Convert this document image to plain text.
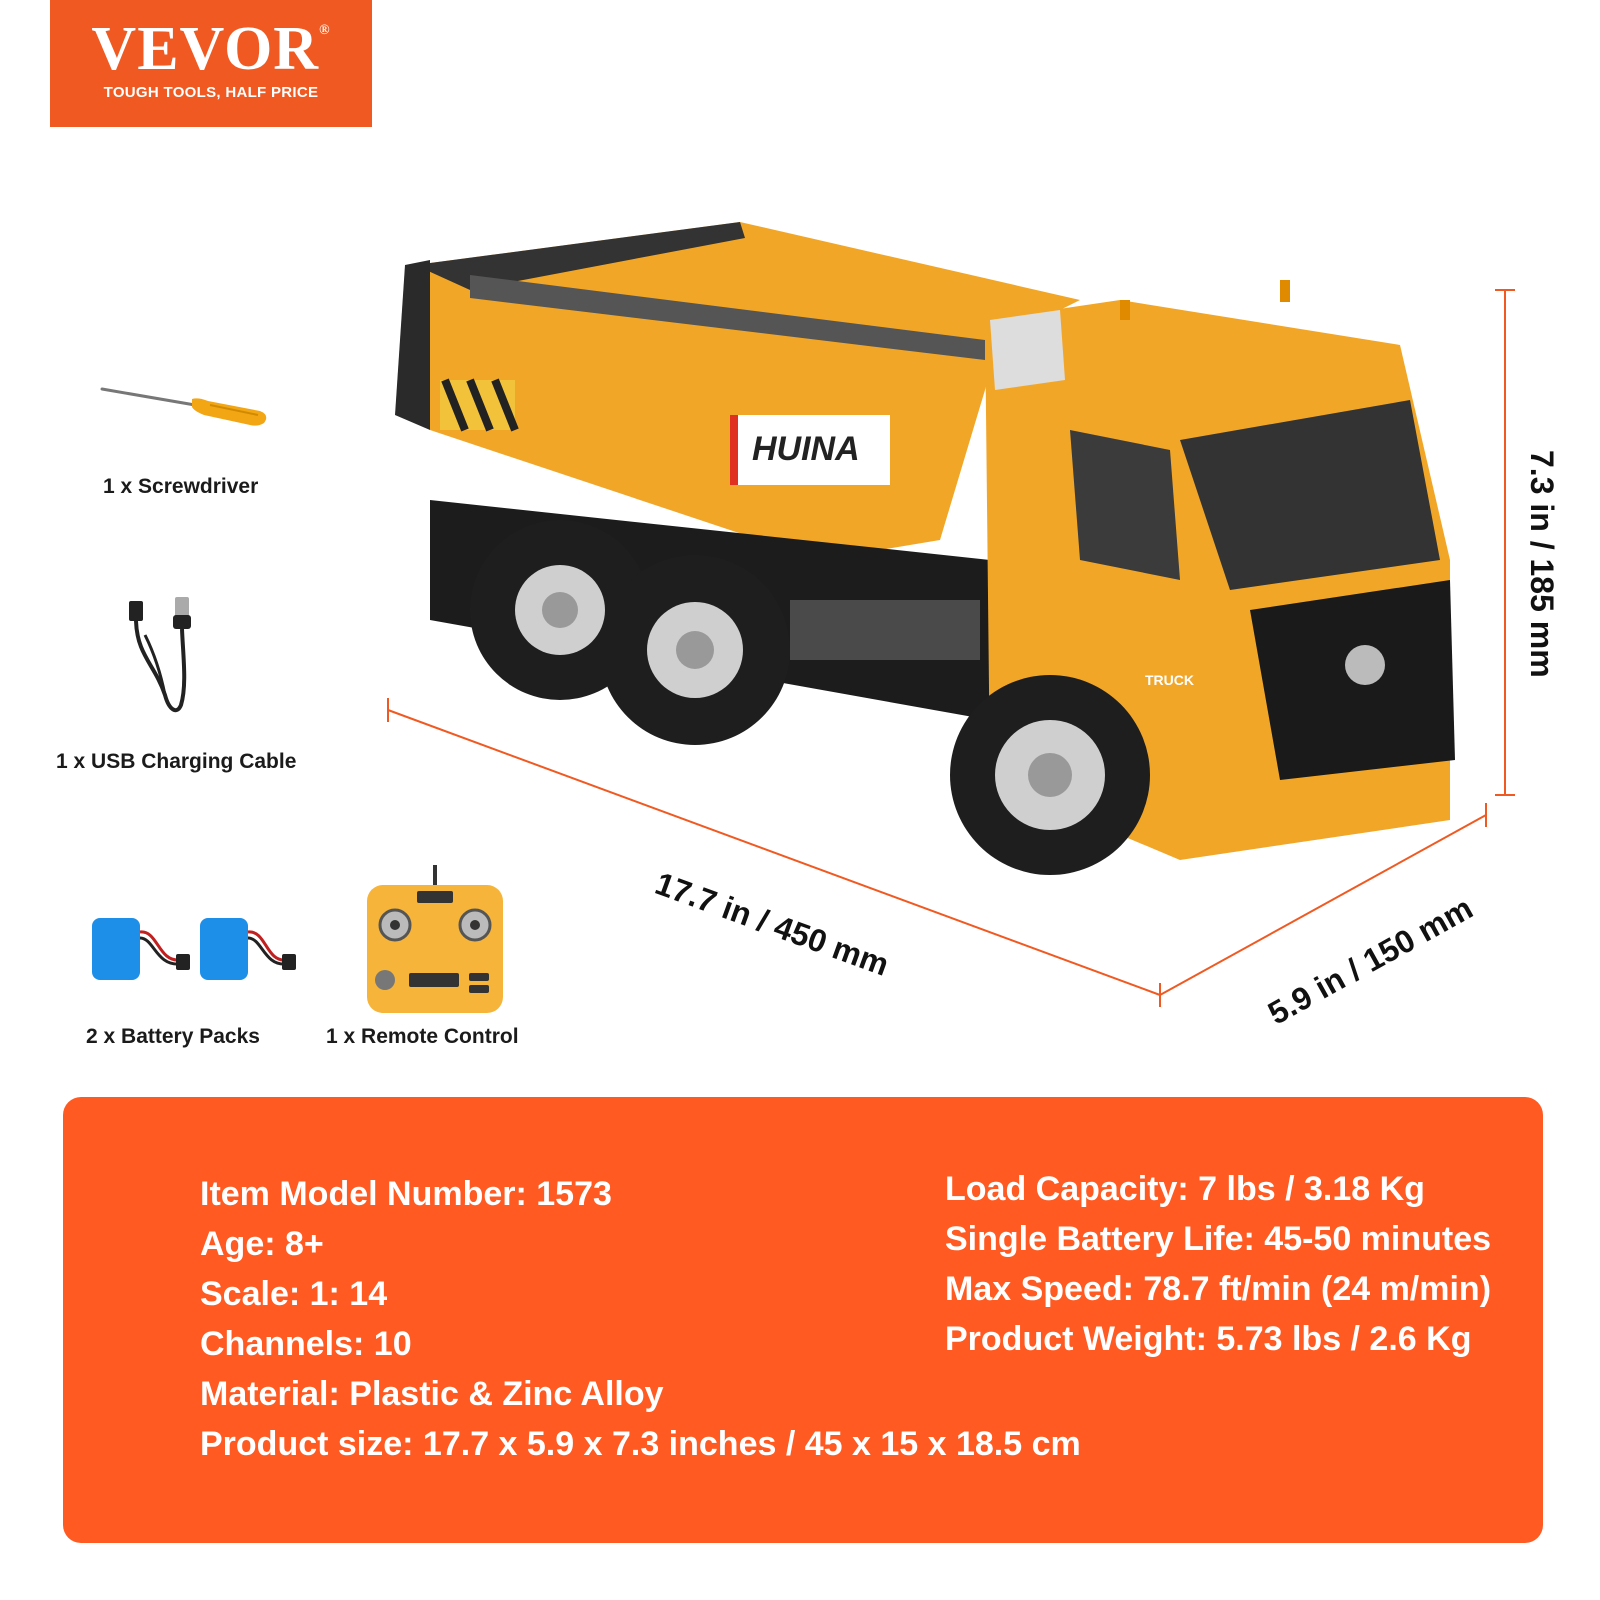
VEVOR®
TOUGH TOOLS, HALF PRICE
1 x Screwdriver
1 x USB Charging Cable
2 x Battery Packs	1 x Remote Control
HUINA
TRUCK
17.7 in / 450 mm	5.9 in / 150 mm
7.3 in / 185 mm
Item Model Number: 1573
Age: 8+
Scale: 1: 14
Channels: 10
Material: Plastic & Zinc Alloy
Product size: 17.7 x 5.9 x 7.3 inches / 45 x 15 x 18.5 cm
Load Capacity: 7 lbs / 3.18 Kg
Single Battery Life: 45-50 minutes
Max Speed: 78.7 ft/min (24 m/min)
Product Weight: 5.73 lbs / 2.6 Kg
